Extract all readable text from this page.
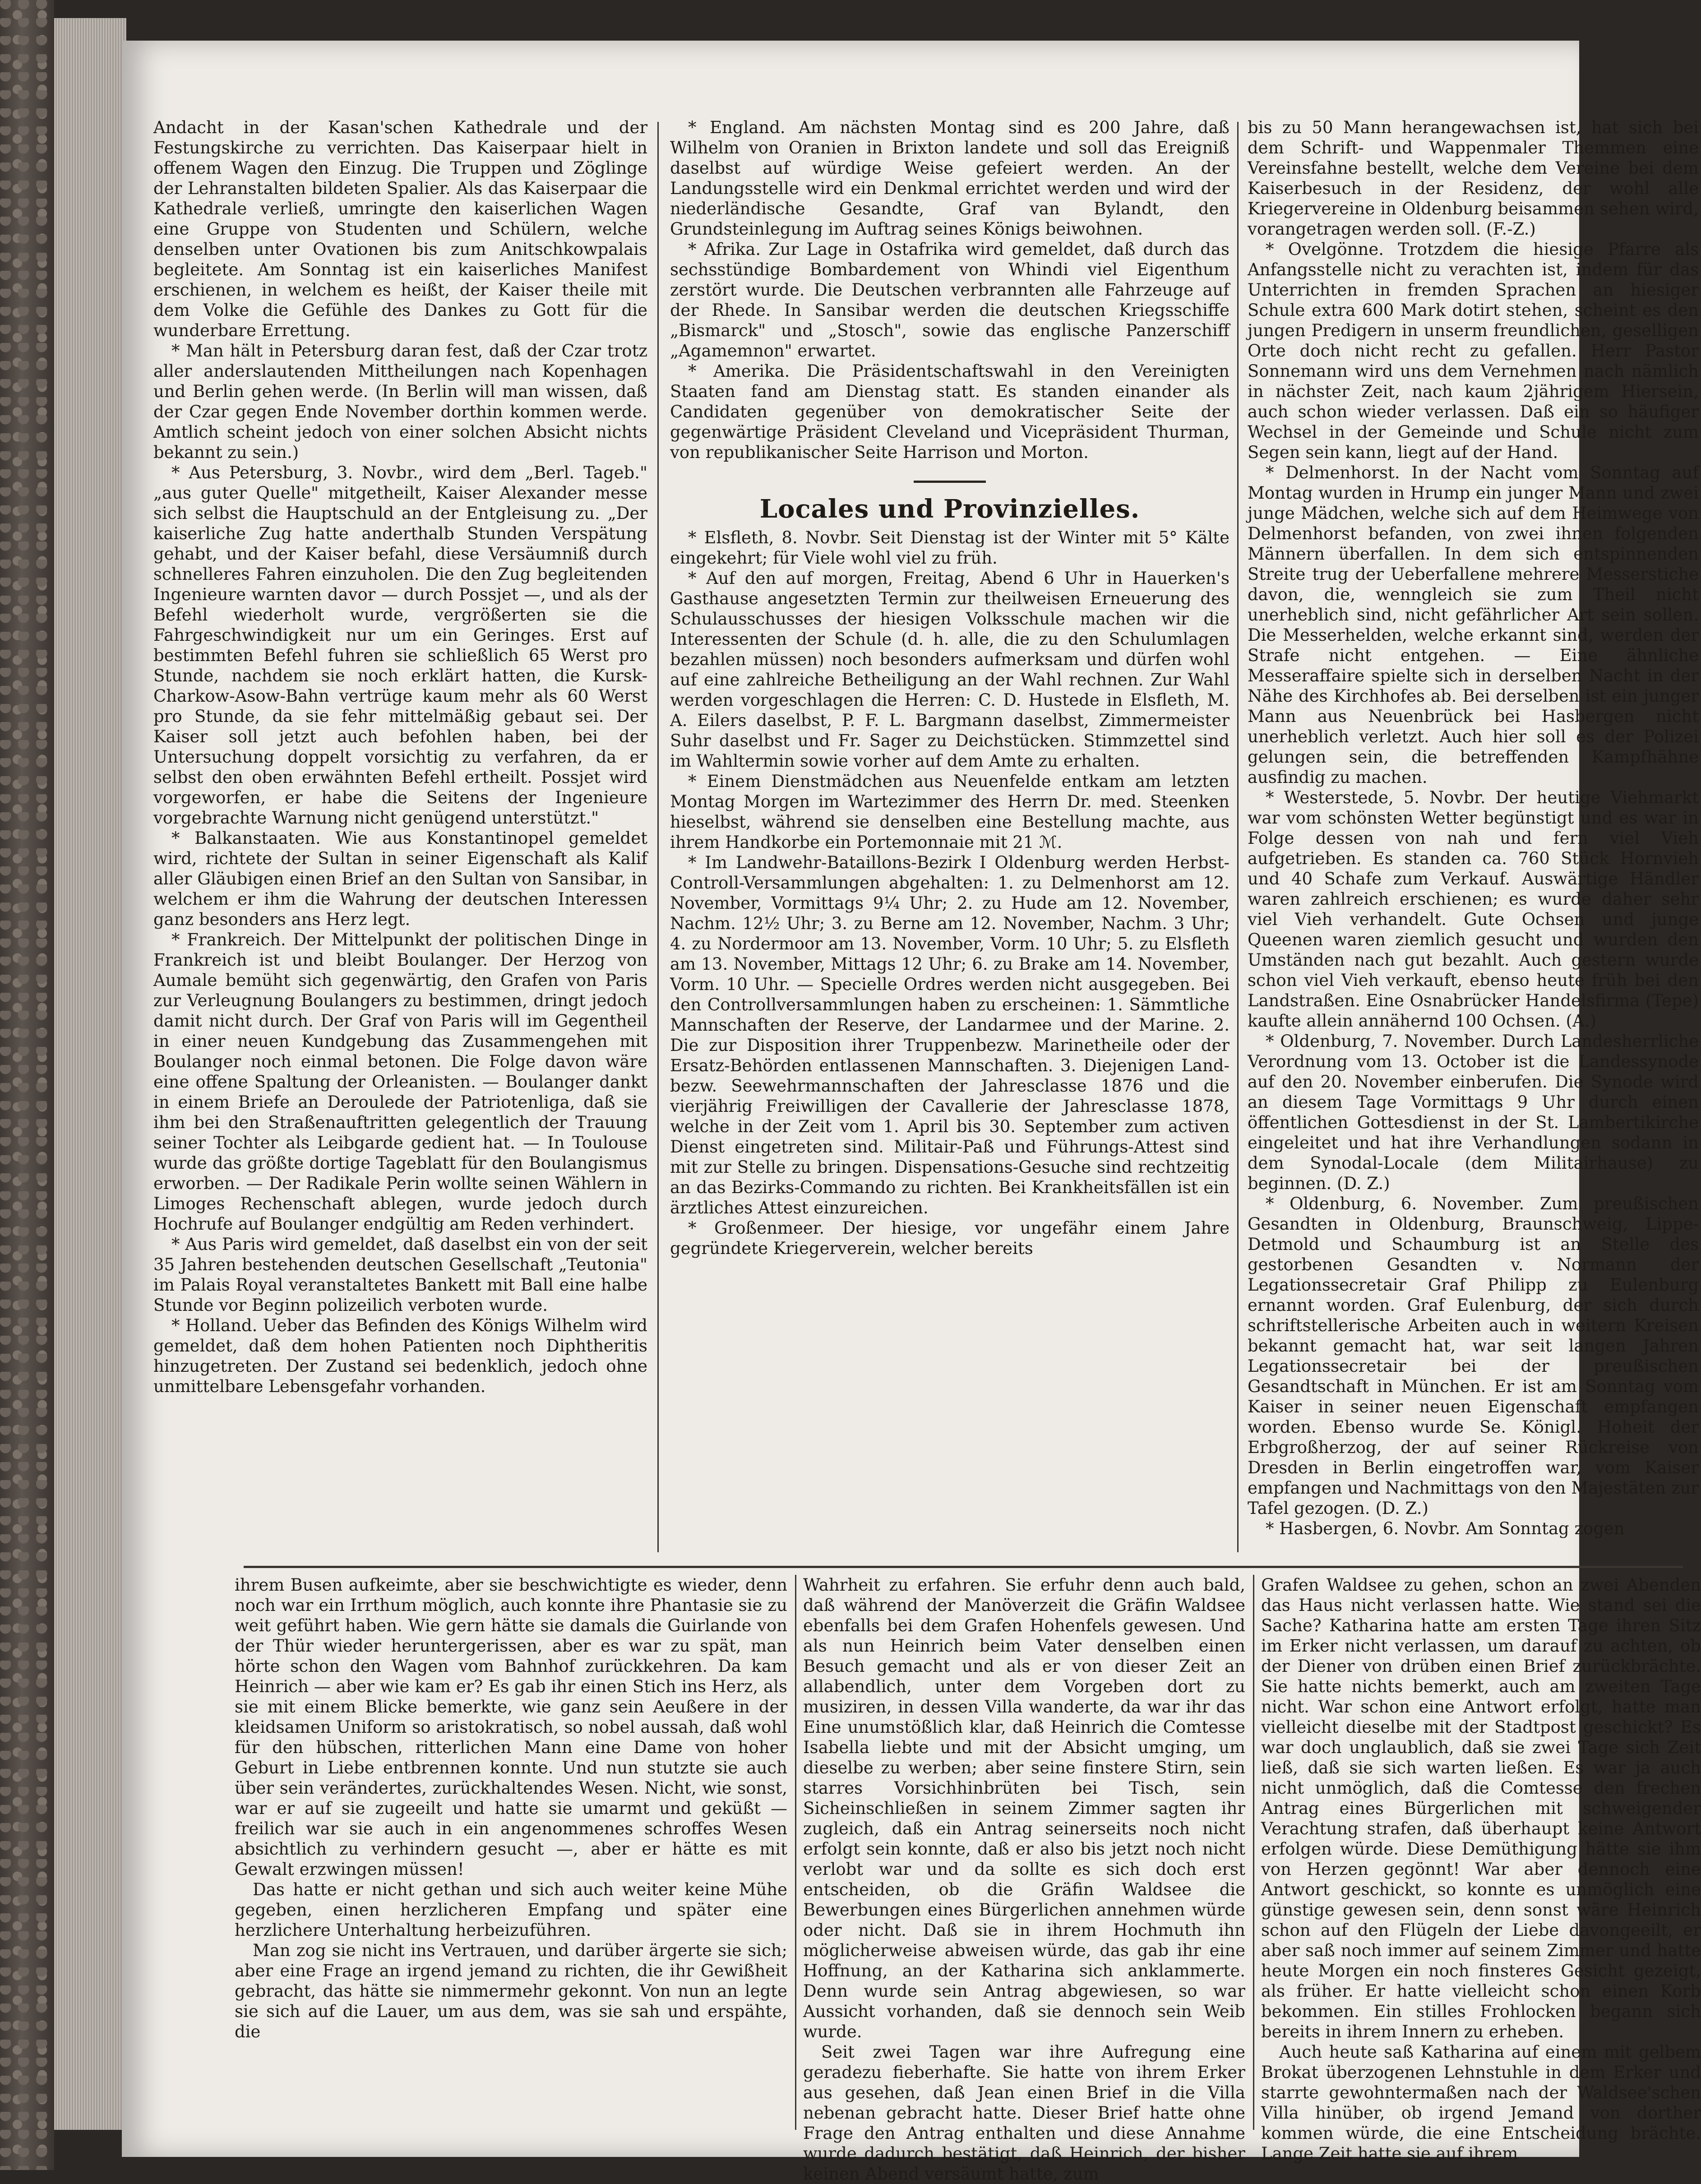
Andacht in der Kasan'schen Kathedrale und der Festungskirche zu verrichten. Das Kaiserpaar hielt in offenem Wagen den Einzug. Die Truppen und Zöglinge der Lehranstalten bildeten Spalier. Als das Kaiserpaar die Kathedrale verließ, umringte den kaiserlichen Wagen eine Gruppe von Studenten und Schülern, welche denselben unter Ovationen bis zum Anitschkowpalais begleitete. Am Sonntag ist ein kaiserliches Manifest erschienen, in welchem es heißt, der Kaiser theile mit dem Volke die Gefühle des Dankes zu Gott für die wunderbare Errettung.

* Man hält in Petersburg daran fest, daß der Czar trotz aller anderslautenden Mittheilungen nach Kopenhagen und Berlin gehen werde. (In Berlin will man wissen, daß der Czar gegen Ende November dorthin kommen werde. Amtlich scheint jedoch von einer solchen Absicht nichts bekannt zu sein.)

* Aus Petersburg, 3. Novbr., wird dem „Berl. Tageb." „aus guter Quelle" mitgetheilt, Kaiser Alexander messe sich selbst die Hauptschuld an der Entgleisung zu. „Der kaiserliche Zug hatte anderthalb Stunden Verspätung gehabt, und der Kaiser befahl, diese Versäumniß durch schnelleres Fahren einzuholen. Die den Zug begleitenden Ingenieure warnten davor — durch Possjet —, und als der Befehl wiederholt wurde, vergrößerten sie die Fahrgeschwindigkeit nur um ein Geringes. Erst auf bestimmten Befehl fuhren sie schließlich 65 Werst pro Stunde, nachdem sie noch erklärt hatten, die Kursk-Charkow-Asow-Bahn vertrüge kaum mehr als 60 Werst pro Stunde, da sie fehr mittelmäßig gebaut sei. Der Kaiser soll jetzt auch befohlen haben, bei der Untersuchung doppelt vorsichtig zu verfahren, da er selbst den oben erwähnten Befehl ertheilt. Possjet wird vorgeworfen, er habe die Seitens der Ingenieure vorgebrachte Warnung nicht genügend unterstützt."

* Balkanstaaten. Wie aus Konstantinopel gemeldet wird, richtete der Sultan in seiner Eigenschaft als Kalif aller Gläubigen einen Brief an den Sultan von Sansibar, in welchem er ihm die Wahrung der deutschen Interessen ganz besonders ans Herz legt.

* Frankreich. Der Mittelpunkt der politischen Dinge in Frankreich ist und bleibt Boulanger. Der Herzog von Aumale bemüht sich gegenwärtig, den Grafen von Paris zur Verleugnung Boulangers zu bestimmen, dringt jedoch damit nicht durch. Der Graf von Paris will im Gegentheil in einer neuen Kundgebung das Zusammengehen mit Boulanger noch einmal betonen. Die Folge davon wäre eine offene Spaltung der Orleanisten. — Boulanger dankt in einem Briefe an Deroulede der Patriotenliga, daß sie ihm bei den Straßenauftritten gelegentlich der Trauung seiner Tochter als Leibgarde gedient hat. — In Toulouse wurde das größte dortige Tageblatt für den Boulangismus erworben. — Der Radikale Perin wollte seinen Wählern in Limoges Rechenschaft ablegen, wurde jedoch durch Hochrufe auf Boulanger endgültig am Reden verhindert.

* Aus Paris wird gemeldet, daß daselbst ein von der seit 35 Jahren bestehenden deutschen Gesellschaft „Teutonia" im Palais Royal veranstaltetes Bankett mit Ball eine halbe Stunde vor Beginn polizeilich verboten wurde.

* Holland. Ueber das Befinden des Königs Wilhelm wird gemeldet, daß dem hohen Patienten noch Diphtheritis hinzugetreten. Der Zustand sei bedenklich, jedoch ohne unmittelbare Lebensgefahr vorhanden.

* England. Am nächsten Montag sind es 200 Jahre, daß Wilhelm von Oranien in Brixton landete und soll das Ereigniß daselbst auf würdige Weise gefeiert werden. An der Landungsstelle wird ein Denkmal errichtet werden und wird der niederländische Gesandte, Graf van Bylandt, den Grundsteinlegung im Auftrag seines Königs beiwohnen.

* Afrika. Zur Lage in Ostafrika wird gemeldet, daß durch das sechsstündige Bombardement von Whindi viel Eigenthum zerstört wurde. Die Deutschen verbrannten alle Fahrzeuge auf der Rhede. In Sansibar werden die deutschen Kriegsschiffe „Bismarck" und „Stosch", sowie das englische Panzerschiff „Agamemnon" erwartet.

* Amerika. Die Präsidentschaftswahl in den Vereinigten Staaten fand am Dienstag statt. Es standen einander als Candidaten gegenüber von demokratischer Seite der gegenwärtige Präsident Cleveland und Vicepräsident Thurman, von republikanischer Seite Harrison und Morton.

Locales und Provinzielles.

* Elsfleth, 8. Novbr. Seit Dienstag ist der Winter mit 5° Kälte eingekehrt; für Viele wohl viel zu früh.

* Auf den auf morgen, Freitag, Abend 6 Uhr in Hauerken's Gasthause angesetzten Termin zur theilweisen Erneuerung des Schulausschusses der hiesigen Volksschule machen wir die Interessenten der Schule (d. h. alle, die zu den Schulumlagen bezahlen müssen) noch besonders aufmerksam und dürfen wohl auf eine zahlreiche Betheiligung an der Wahl rechnen. Zur Wahl werden vorgeschlagen die Herren: C. D. Hustede in Elsfleth, M. A. Eilers daselbst, P. F. L. Bargmann daselbst, Zimmermeister Suhr daselbst und Fr. Sager zu Deichstücken. Stimmzettel sind im Wahltermin sowie vorher auf dem Amte zu erhalten.

* Einem Dienstmädchen aus Neuenfelde entkam am letzten Montag Morgen im Wartezimmer des Herrn Dr. med. Steenken hieselbst, während sie denselben eine Bestellung machte, aus ihrem Handkorbe ein Portemonnaie mit 21 ℳ.

* Im Landwehr-Bataillons-Bezirk I Oldenburg werden Herbst-Controll-Versammlungen abgehalten: 1. zu Delmenhorst am 12. November, Vormittags 9¼ Uhr; 2. zu Hude am 12. November, Nachm. 12½ Uhr; 3. zu Berne am 12. November, Nachm. 3 Uhr; 4. zu Nordermoor am 13. November, Vorm. 10 Uhr; 5. zu Elsfleth am 13. November, Mittags 12 Uhr; 6. zu Brake am 14. November, Vorm. 10 Uhr. — Specielle Ordres werden nicht ausgegeben. Bei den Controllversammlungen haben zu erscheinen: 1. Sämmtliche Mannschaften der Reserve, der Landarmee und der Marine. 2. Die zur Disposition ihrer Truppenbezw. Marinetheile oder der Ersatz-Behörden entlassenen Mannschaften. 3. Diejenigen Land- bezw. Seewehrmannschaften der Jahresclasse 1876 und die vierjährig Freiwilligen der Cavallerie der Jahresclasse 1878, welche in der Zeit vom 1. April bis 30. September zum activen Dienst eingetreten sind. Militair-Paß und Führungs-Attest sind mit zur Stelle zu bringen. Dispensations-Gesuche sind rechtzeitig an das Bezirks-Commando zu richten. Bei Krankheitsfällen ist ein ärztliches Attest einzureichen.

* Großenmeer. Der hiesige, vor ungefähr einem Jahre gegründete Kriegerverein, welcher bereits

bis zu 50 Mann herangewachsen ist, hat sich bei dem Schrift- und Wappenmaler Themmen eine Vereinsfahne bestellt, welche dem Vereine bei dem Kaiserbesuch in der Residenz, der wohl alle Kriegervereine in Oldenburg beisammen sehen wird, vorangetragen werden soll. (F.-Z.)

* Ovelgönne. Trotzdem die hiesige Pfarre als Anfangsstelle nicht zu verachten ist, indem für das Unterrichten in fremden Sprachen an hiesiger Schule extra 600 Mark dotirt stehen, scheint es den jungen Predigern in unserm freundlichen, geselligen Orte doch nicht recht zu gefallen. Herr Pastor Sonnemann wird uns dem Vernehmen nach nämlich in nächster Zeit, nach kaum 2jährigem Hiersein, auch schon wieder verlassen. Daß ein so häufiger Wechsel in der Gemeinde und Schule nicht zum Segen sein kann, liegt auf der Hand.

* Delmenhorst. In der Nacht vom Sonntag auf Montag wurden in Hrump ein junger Mann und zwei junge Mädchen, welche sich auf dem Heimwege von Delmenhorst befanden, von zwei ihnen folgenden Männern überfallen. In dem sich entspinnenden Streite trug der Ueberfallene mehrere Messerstiche davon, die, wenngleich sie zum Theil nicht unerheblich sind, nicht gefährlicher Art sein sollen. Die Messerhelden, welche erkannt sind, werden der Strafe nicht entgehen. — Eine ähnliche Messeraffaire spielte sich in derselben Nacht in der Nähe des Kirchhofes ab. Bei derselben ist ein junger Mann aus Neuenbrück bei Hasbergen nicht unerheblich verletzt. Auch hier soll es der Polizei gelungen sein, die betreffenden Kampfhähne ausfindig zu machen.

* Westerstede, 5. Novbr. Der heutige Viehmarkt war vom schönsten Wetter begünstigt und es war in Folge dessen von nah und fern viel Vieh aufgetrieben. Es standen ca. 760 Stück Hornvieh und 40 Schafe zum Verkauf. Auswärtige Händler waren zahlreich erschienen; es wurde daher sehr viel Vieh verhandelt. Gute Ochsen und junge Queenen waren ziemlich gesucht und wurden den Umständen nach gut bezahlt. Auch gestern wurde schon viel Vieh verkauft, ebenso heute früh bei den Landstraßen. Eine Osnabrücker Handelsfirma (Tepe) kaufte allein annähernd 100 Ochsen. (A.)

* Oldenburg, 7. November. Durch Landesherrliche Verordnung vom 13. October ist die Landessynode auf den 20. November einberufen. Die Synode wird an diesem Tage Vormittags 9 Uhr durch einen öffentlichen Gottesdienst in der St. Lambertikirche eingeleitet und hat ihre Verhandlungen sodann in dem Synodal-Locale (dem Militairhause) zu beginnen. (D. Z.)

* Oldenburg, 6. November. Zum preußischen Gesandten in Oldenburg, Braunschweig, Lippe-Detmold und Schaumburg ist an Stelle des gestorbenen Gesandten v. Normann der Legationssecretair Graf Philipp zu Eulenburg ernannt worden. Graf Eulenburg, der sich durch schriftstellerische Arbeiten auch in weitern Kreisen bekannt gemacht hat, war seit langen Jahren Legationssecretair bei der preußischen Gesandtschaft in München. Er ist am Sonntag vom Kaiser in seiner neuen Eigenschaft empfangen worden. Ebenso wurde Se. Königl. Hoheit der Erbgroßherzog, der auf seiner Rückreise von Dresden in Berlin eingetroffen war, vom Kaiser empfangen und Nachmittags von den Majestäten zur Tafel gezogen. (D. Z.)

* Hasbergen, 6. Novbr. Am Sonntag zogen

ihrem Busen aufkeimte, aber sie beschwichtigte es wieder, denn noch war ein Irrthum möglich, auch konnte ihre Phantasie sie zu weit geführt haben. Wie gern hätte sie damals die Guirlande von der Thür wieder heruntergerissen, aber es war zu spät, man hörte schon den Wagen vom Bahnhof zurückkehren. Da kam Heinrich — aber wie kam er? Es gab ihr einen Stich ins Herz, als sie mit einem Blicke bemerkte, wie ganz sein Aeußere in der kleidsamen Uniform so aristokratisch, so nobel aussah, daß wohl für den hübschen, ritterlichen Mann eine Dame von hoher Geburt in Liebe entbrennen konnte. Und nun stutzte sie auch über sein verändertes, zurückhaltendes Wesen. Nicht, wie sonst, war er auf sie zugeeilt und hatte sie umarmt und geküßt — freilich war sie auch in ein angenommenes schroffes Wesen absichtlich zu verhindern gesucht —, aber er hätte es mit Gewalt erzwingen müssen!

Das hatte er nicht gethan und sich auch weiter keine Mühe gegeben, einen herzlicheren Empfang und später eine herzlichere Unterhaltung herbeizuführen.

Man zog sie nicht ins Vertrauen, und darüber ärgerte sie sich; aber eine Frage an irgend jemand zu richten, die ihr Gewißheit gebracht, das hätte sie nimmermehr gekonnt. Von nun an legte sie sich auf die Lauer, um aus dem, was sie sah und erspähte, die

Wahrheit zu erfahren. Sie erfuhr denn auch bald, daß während der Manöverzeit die Gräfin Waldsee ebenfalls bei dem Grafen Hohenfels gewesen. Und als nun Heinrich beim Vater denselben einen Besuch gemacht und als er von dieser Zeit an allabendlich, unter dem Vorgeben dort zu musiziren, in dessen Villa wanderte, da war ihr das Eine unumstößlich klar, daß Heinrich die Comtesse Isabella liebte und mit der Absicht umging, um dieselbe zu werben; aber seine finstere Stirn, sein starres Vorsichhinbrüten bei Tisch, sein Sicheinschließen in seinem Zimmer sagten ihr zugleich, daß ein Antrag seinerseits noch nicht erfolgt sein konnte, daß er also bis jetzt noch nicht verlobt war und da sollte es sich doch erst entscheiden, ob die Gräfin Waldsee die Bewerbungen eines Bürgerlichen annehmen würde oder nicht. Daß sie in ihrem Hochmuth ihn möglicherweise abweisen würde, das gab ihr eine Hoffnung, an der Katharina sich anklammerte. Denn wurde sein Antrag abgewiesen, so war Aussicht vorhanden, daß sie dennoch sein Weib wurde.

Seit zwei Tagen war ihre Aufregung eine geradezu fieberhafte. Sie hatte von ihrem Erker aus gesehen, daß Jean einen Brief in die Villa nebenan gebracht hatte. Dieser Brief hatte ohne Frage den Antrag enthalten und diese Annahme wurde dadurch bestätigt, daß Heinrich, der bisher keinen Abend versäumt hatte, zum

Grafen Waldsee zu gehen, schon an zwei Abenden das Haus nicht verlassen hatte. Wie stand sei die Sache? Katharina hatte am ersten Tage ihren Sitz im Erker nicht verlassen, um darauf zu achten, ob der Diener von drüben einen Brief zurückbrächte. Sie hatte nichts bemerkt, auch am zweiten Tage nicht. War schon eine Antwort erfolgt, hatte man vielleicht dieselbe mit der Stadtpost geschickt? Es war doch unglaublich, daß sie zwei Tage sich Zeit ließ, daß sie sich warten ließen. Es war ja auch nicht unmöglich, daß die Comtesse den frechen Antrag eines Bürgerlichen mit schweigender Verachtung strafen, daß überhaupt keine Antwort erfolgen würde. Diese Demüthigung hätte sie ihm von Herzen gegönnt! War aber dennoch eine Antwort geschickt, so konnte es unmöglich eine günstige gewesen sein, denn sonst wäre Heinrich schon auf den Flügeln der Liebe davongeeilt, er aber saß noch immer auf seinem Zimmer und hatte heute Morgen ein noch finsteres Gesicht gezeigt, als früher. Er hatte vielleicht schon einen Korb bekommen. Ein stilles Frohlocken begann sich bereits in ihrem Innern zu erheben.

Auch heute saß Katharina auf einem mit gelbem Brokat überzogenen Lehnstuhle in dem Erker und starrte gewohntermaßen nach der Waldsee'schen Villa hinüber, ob irgend Jemand von dorther kommen würde, die eine Entscheidung brächte. Lange Zeit hatte sie auf ihrem
